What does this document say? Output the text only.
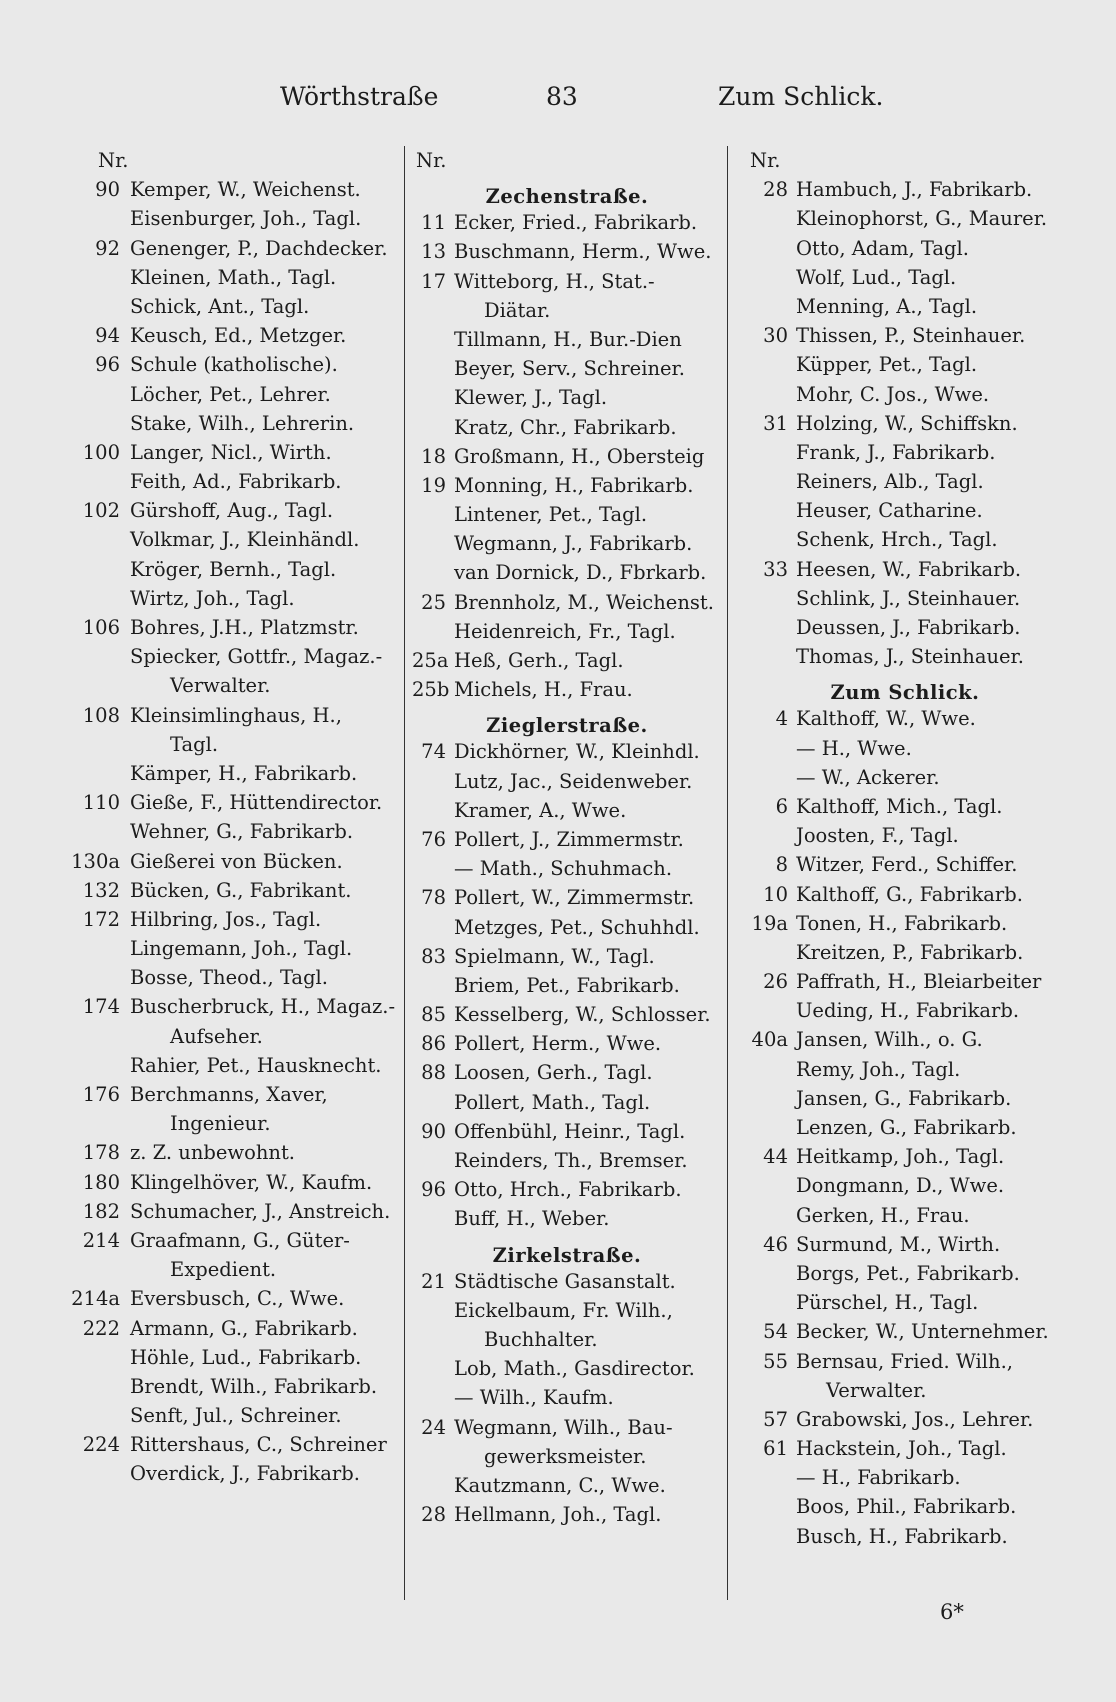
Wörthstraße	83	Zum Schlick.
Nr.
90 Kemper, W., Weichenst.
Eisenburger, Joh., Tagl.
92 Genenger, P., Dachdecker.
Kleinen, Math., Tagl.
Schick, Ant., Tagl.
94 Keusch, Ed., Metzger.
96 Schule (katholische).
Löcher, Pet., Lehrer.
Stake, Wilh., Lehrerin.
100 Langer, Nicl., Wirth.
Feith, Ad., Fabrikarb.
102 Gürshoff, Aug., Tagl.
Volkmar, J., Kleinhändl.
Kröger, Bernh., Tagl.
Wirtz, Joh., Tagl.
106 Bohres, J.H., Platzmstr.
Spiecker, Gottfr., Magaz.-
Verwalter.
108 Kleinsimlinghaus, H.,
Tagl.
Kämper, H., Fabrikarb.
110 Gieße, F., Hüttendirector.
Wehner, G., Fabrikarb.
130a Gießerei von Bücken.
132 Bücken, G., Fabrikant.
172 Hilbring, Jos., Tagl.
Lingemann, Joh., Tagl.
Bosse, Theod., Tagl.
174 Buscherbruck, H., Magaz.-
Aufseher.
Rahier, Pet., Hausknecht.
176 Berchmanns, Xaver,
Ingenieur.
178 z. Z. unbewohnt.
180 Klingelhöver, W., Kaufm.
182 Schumacher, J., Anstreich.
214 Graafmann, G., Güter-
Expedient.
214a Eversbusch, C., Wwe.
222 Armann, G., Fabrikarb.
Höhle, Lud., Fabrikarb.
Brendt, Wilh., Fabrikarb.
Senft, Jul., Schreiner.
224 Rittershaus, C., Schreiner
Overdick, J., Fabrikarb.
Nr.
Zechenstraße.
11 Ecker, Fried., Fabrikarb.
13 Buschmann, Herm., Wwe.
17 Witteborg, H., Stat.-
Diätar.
Tillmann, H., Bur.-Dien
Beyer, Serv., Schreiner.
Klewer, J., Tagl.
Kratz, Chr., Fabrikarb.
18 Großmann, H., Obersteig
19 Monning, H., Fabrikarb.
Lintener, Pet., Tagl.
Wegmann, J., Fabrikarb.
van Dornick, D., Fbrkarb.
25 Brennholz, M., Weichenst.
Heidenreich, Fr., Tagl.
25a Heß, Gerh., Tagl.
25b Michels, H., Frau.
Zieglerstraße.
74 Dickhörner, W., Kleinhdl.
Lutz, Jac., Seidenweber.
Kramer, A., Wwe.
76 Pollert, J., Zimmermstr.
— Math., Schuhmach.
78 Pollert, W., Zimmermstr.
Metzges, Pet., Schuhhdl.
83 Spielmann, W., Tagl.
Briem, Pet., Fabrikarb.
85 Kesselberg, W., Schlosser.
86 Pollert, Herm., Wwe.
88 Loosen, Gerh., Tagl.
Pollert, Math., Tagl.
90 Offenbühl, Heinr., Tagl.
Reinders, Th., Bremser.
96 Otto, Hrch., Fabrikarb.
Buff, H., Weber.
Zirkelstraße.
21 Städtische Gasanstalt.
Eickelbaum, Fr. Wilh.,
Buchhalter.
Lob, Math., Gasdirector.
— Wilh., Kaufm.
24 Wegmann, Wilh., Bau-
gewerksmeister.
Kautzmann, C., Wwe.
28 Hellmann, Joh., Tagl.
Nr.
28 Hambuch, J., Fabrikarb.
Kleinophorst, G., Maurer.
Otto, Adam, Tagl.
Wolf, Lud., Tagl.
Menning, A., Tagl.
30 Thissen, P., Steinhauer.
Küpper, Pet., Tagl.
Mohr, C. Jos., Wwe.
31 Holzing, W., Schiffskn.
Frank, J., Fabrikarb.
Reiners, Alb., Tagl.
Heuser, Catharine.
Schenk, Hrch., Tagl.
33 Heesen, W., Fabrikarb.
Schlink, J., Steinhauer.
Deussen, J., Fabrikarb.
Thomas, J., Steinhauer.
Zum Schlick.
4 Kalthoff, W., Wwe.
— H., Wwe.
— W., Ackerer.
6 Kalthoff, Mich., Tagl.
Joosten, F., Tagl.
8 Witzer, Ferd., Schiffer.
10 Kalthoff, G., Fabrikarb.
19a Tonen, H., Fabrikarb.
Kreitzen, P., Fabrikarb.
26 Paffrath, H., Bleiarbeiter
Ueding, H., Fabrikarb.
40a Jansen, Wilh., o. G.
Remy, Joh., Tagl.
Jansen, G., Fabrikarb.
Lenzen, G., Fabrikarb.
44 Heitkamp, Joh., Tagl.
Dongmann, D., Wwe.
Gerken, H., Frau.
46 Surmund, M., Wirth.
Borgs, Pet., Fabrikarb.
Pürschel, H., Tagl.
54 Becker, W., Unternehmer.
55 Bernsau, Fried. Wilh.,
Verwalter.
57 Grabowski, Jos., Lehrer.
61 Hackstein, Joh., Tagl.
— H., Fabrikarb.
Boos, Phil., Fabrikarb.
Busch, H., Fabrikarb.
6*
